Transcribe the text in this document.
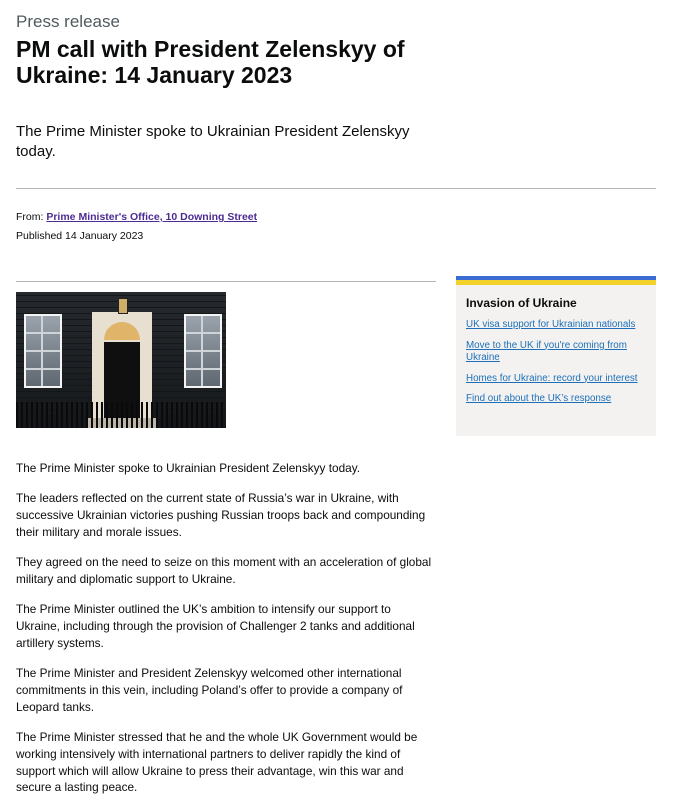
Press release
PM call with President Zelenskyy of Ukraine: 14 January 2023

The Prime Minister spoke to Ukrainian President Zelenskyy today.

From: Prime Minister's Office, 10 Downing Street
Published 14 January 2023

The Prime Minister spoke to Ukrainian President Zelenskyy today.

The leaders reflected on the current state of Russia’s war in Ukraine, with successive Ukrainian victories pushing Russian troops back and compounding their military and morale issues.

They agreed on the need to seize on this moment with an acceleration of global military and diplomatic support to Ukraine.

The Prime Minister outlined the UK’s ambition to intensify our support to Ukraine, including through the provision of Challenger 2 tanks and additional artillery systems.

The Prime Minister and President Zelenskyy welcomed other international commitments in this vein, including Poland’s offer to provide a company of Leopard tanks.

The Prime Minister stressed that he and the whole UK Government would be working intensively with international partners to deliver rapidly the kind of support which will allow Ukraine to press their advantage, win this war and secure a lasting peace.

Invasion of Ukraine
UK visa support for Ukrainian nationals
Move to the UK if you're coming from Ukraine
Homes for Ukraine: record your interest
Find out about the UK’s response
